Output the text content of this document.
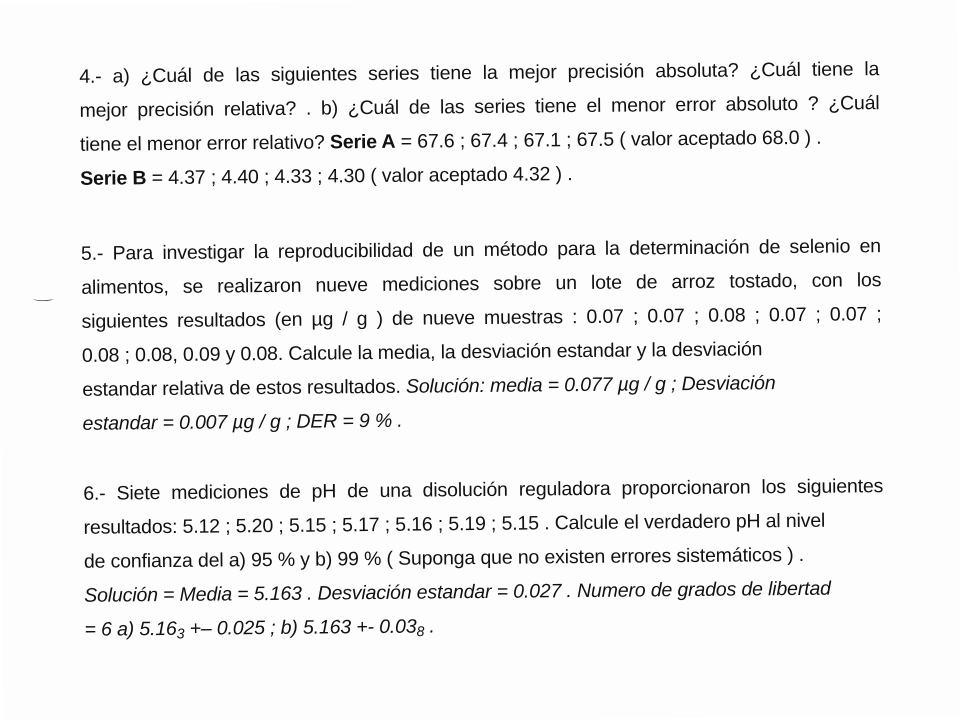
4.- a) ¿Cuál de las siguientes series tiene la mejor precisión absoluta? ¿Cuál tiene la
mejor precisión relativa? . b) ¿Cuál de las series tiene el menor error absoluto ? ¿Cuál
tiene el menor error relativo? Serie A = 67.6 ; 67.4 ; 67.1 ; 67.5 ( valor aceptado 68.0 ) .
Serie B = 4.37 ; 4.40 ; 4.33 ; 4.30 ( valor aceptado 4.32 ) .
5.- Para investigar la reproducibilidad de un método para la determinación de selenio en
alimentos, se realizaron nueve mediciones sobre un lote de arroz tostado, con los
siguientes resultados (en µg / g ) de nueve muestras : 0.07 ; 0.07 ; 0.08 ; 0.07 ; 0.07 ;
0.08 ; 0.08, 0.09 y 0.08. Calcule la media, la desviación estandar y la desviación
estandar relativa de estos resultados. Solución: media = 0.077 µg / g ; Desviación
estandar = 0.007 µg / g ; DER = 9 % .
6.- Siete mediciones de pH de una disolución reguladora proporcionaron los siguientes
resultados: 5.12 ; 5.20 ; 5.15 ; 5.17 ; 5.16 ; 5.19 ; 5.15 . Calcule el verdadero pH al nivel
de confianza del a) 95 % y b) 99 % ( Suponga que no existen errores sistemáticos ) .
Solución = Media = 5.163 . Desviación estandar = 0.027 . Numero de grados de libertad
= 6 a) $5.16_3 +- 0.025$ ; b) $5.163 +- 0.03_8$ .
